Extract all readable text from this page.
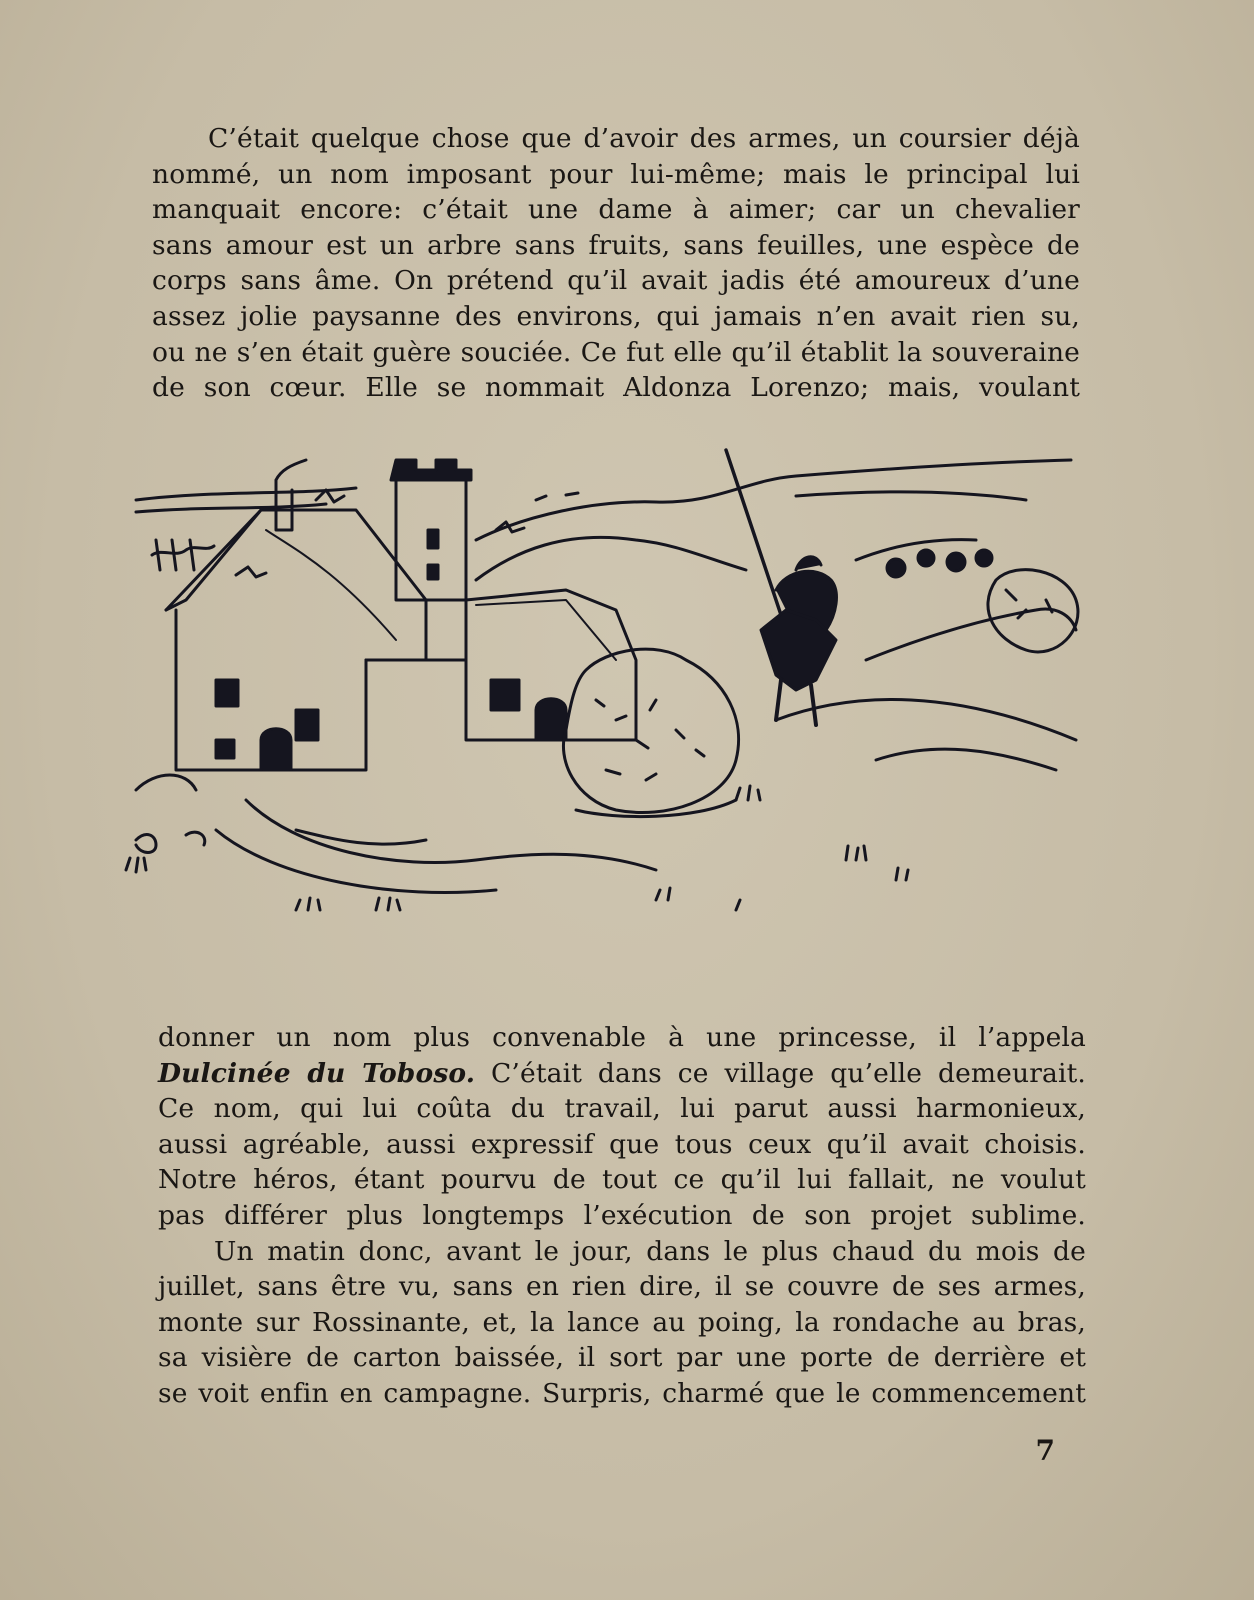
C’était quelque chose que d’avoir des armes, un coursier déjà
nommé, un nom imposant pour lui-même; mais le principal lui
manquait encore: c’était une dame à aimer; car un chevalier
sans amour est un arbre sans fruits, sans feuilles, une espèce de
corps sans âme. On prétend qu’il avait jadis été amoureux d’une
assez jolie paysanne des environs, qui jamais n’en avait rien su,
ou ne s’en était guère souciée. Ce fut elle qu’il établit la souveraine
de son cœur. Elle se nommait Aldonza Lorenzo; mais, voulant
donner un nom plus convenable à une princesse, il l’appela
Dulcinée du Toboso. C’était dans ce village qu’elle demeurait.
Ce nom, qui lui coûta du travail, lui parut aussi harmonieux,
aussi agréable, aussi expressif que tous ceux qu’il avait choisis.
Notre héros, étant pourvu de tout ce qu’il lui fallait, ne voulut
pas différer plus longtemps l’exécution de son projet sublime.
Un matin donc, avant le jour, dans le plus chaud du mois de
juillet, sans être vu, sans en rien dire, il se couvre de ses armes,
monte sur Rossinante, et, la lance au poing, la rondache au bras,
sa visière de carton baissée, il sort par une porte de derrière et
se voit enfin en campagne. Surpris, charmé que le commencement
7
